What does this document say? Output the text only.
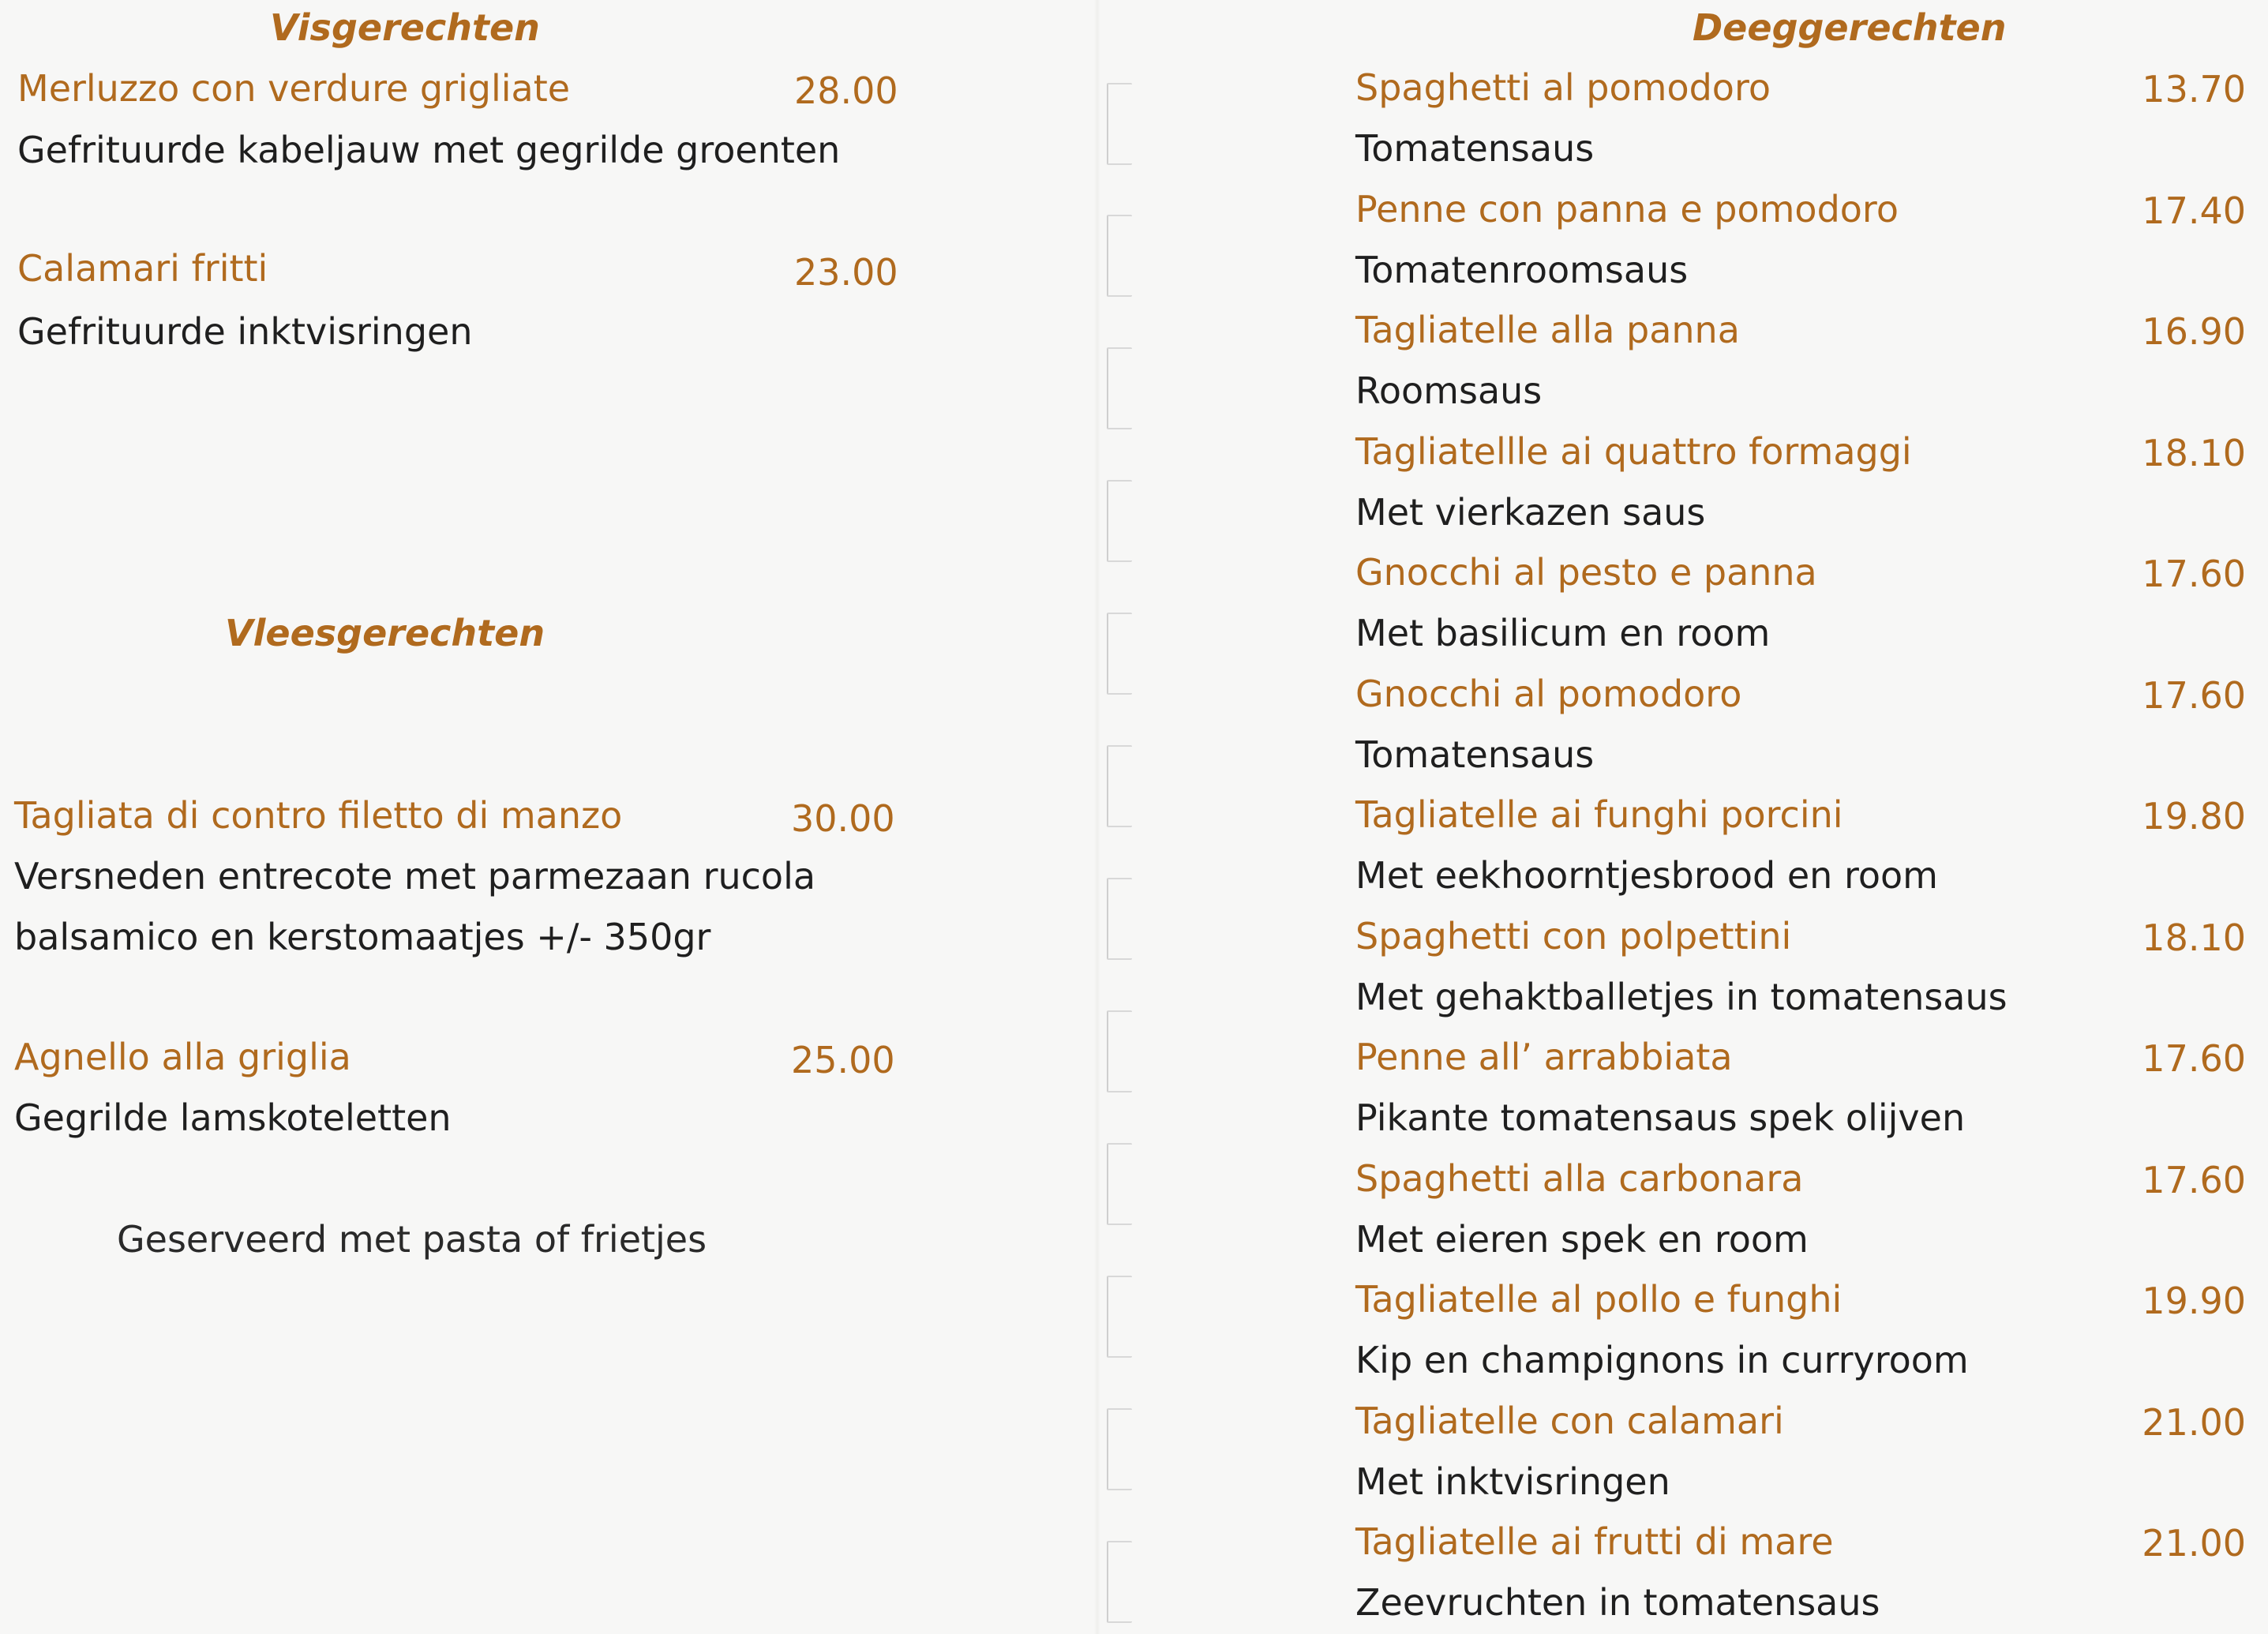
Visgerechten
Merluzzo con verdure grigliate	28.00
Gefrituurde kabeljauw met gegrilde groenten
Calamari fritti	23.00
Gefrituurde inktvisringen
Vleesgerechten
Tagliata di contro filetto di manzo	30.00
Versneden entrecote met parmezaan rucola
balsamico en kerstomaatjes +/- 350gr
Agnello alla griglia	25.00
Gegrilde lamskoteletten
Geserveerd met pasta of frietjes
Deeggerechten
Spaghetti al pomodoro	13.70
Tomatensaus
Penne con panna e pomodoro	17.40
Tomatenroomsaus
Tagliatelle alla panna	16.90
Roomsaus
Tagliatellle ai quattro formaggi	18.10
Met vierkazen saus
Gnocchi al pesto e panna	17.60
Met basilicum en room
Gnocchi al pomodoro	17.60
Tomatensaus
Tagliatelle ai funghi porcini	19.80
Met eekhoorntjesbrood en room
Spaghetti con polpettini	18.10
Met gehaktballetjes in tomatensaus
Penne all’ arrabbiata	17.60
Pikante tomatensaus spek olijven
Spaghetti alla carbonara	17.60
Met eieren spek en room
Tagliatelle al pollo e funghi	19.90
Kip en champignons in curryroom
Tagliatelle con calamari	21.00
Met inktvisringen
Tagliatelle ai frutti di mare	21.00
Zeevruchten in tomatensaus
